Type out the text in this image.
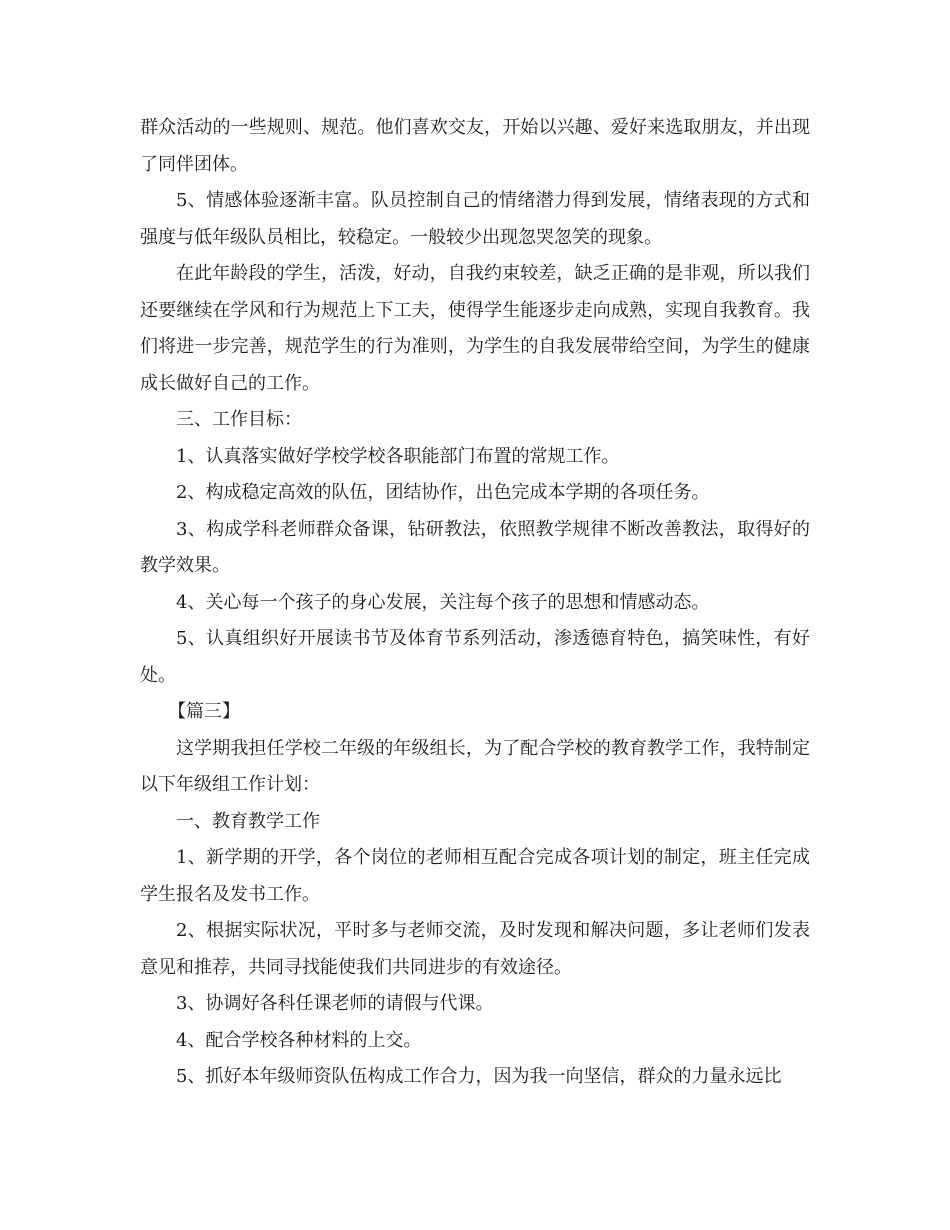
群众活动的一些规则、规范。他们喜欢交友，开始以兴趣、爱好来选取朋友，并出现了同伴团体。

5、情感体验逐渐丰富。队员控制自己的情绪潜力得到发展，情绪表现的方式和强度与低年级队员相比，较稳定。一般较少出现忽哭忽笑的现象。

在此年龄段的学生，活泼，好动，自我约束较差，缺乏正确的是非观，所以我们还要继续在学风和行为规范上下工夫，使得学生能逐步走向成熟，实现自我教育。我们将进一步完善，规范学生的行为准则，为学生的自我发展带给空间，为学生的健康成长做好自己的工作。

三、工作目标：

1、认真落实做好学校学校各职能部门布置的常规工作。

2、构成稳定高效的队伍，团结协作，出色完成本学期的各项任务。

3、构成学科老师群众备课，钻研教法，依照教学规律不断改善教法，取得好的教学效果。

4、关心每一个孩子的身心发展，关注每个孩子的思想和情感动态。

5、认真组织好开展读书节及体育节系列活动，渗透德育特色，搞笑味性，有好处。

【篇三】

这学期我担任学校二年级的年级组长，为了配合学校的教育教学工作，我特制定以下年级组工作计划：

一、教育教学工作

1、新学期的开学，各个岗位的老师相互配合完成各项计划的制定，班主任完成学生报名及发书工作。

2、根据实际状况，平时多与老师交流，及时发现和解决问题，多让老师们发表意见和推荐，共同寻找能使我们共同进步的有效途径。

3、协调好各科任课老师的请假与代课。

4、配合学校各种材料的上交。

5、抓好本年级师资队伍构成工作合力，因为我一向坚信，群众的力量永远比
